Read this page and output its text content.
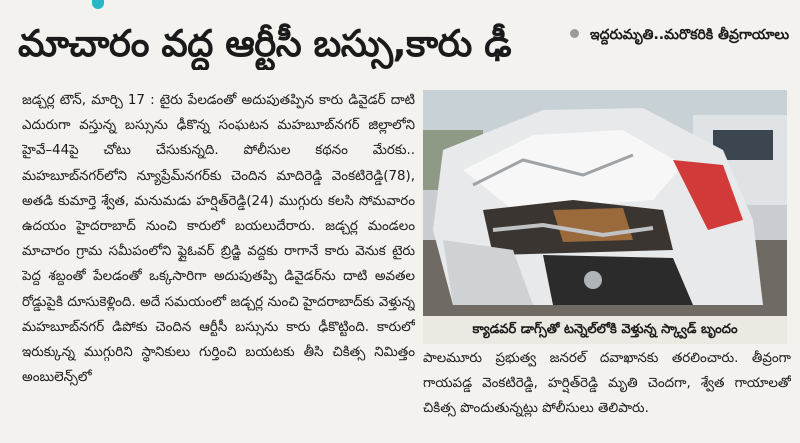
మాచారం వద్ద ఆర్టీసీ బస్సు,కారు ఢీ	ఇద్దరుమృతి..మరొకరికి తీవ్రగాయాలు
జడ్చర్ల టౌన్, మార్చి 17 : టైరు పేలడంతో అదుపుతప్పిన కారు డివైడర్ దాటి ఎదురుగా వస్తున్న బస్సును ఢీకొన్న సంఘటన మహబూబ్‌నగర్ జిల్లాలోని హైవే–44పై చోటు చేసుకున్నది. పోలీసుల కథనం మేరకు.. మహబూబ్‌నగర్‌లోని న్యూప్రేమ్‌నగర్‌కు చెందిన మాదిరెడ్డి వెంకటిరెడ్డి(78), అతడి కుమార్తె శ్వేత, మనుమడు హర్షిత్‌రెడ్డి(24) ముగ్గురు కలసి సోమవారం ఉదయం హైదరాబాద్ నుంచి కారులో బయలుదేరారు. జడ్చర్ల మండలం మాచారం గ్రామ సమీపంలోని ఫ్లైఓవర్ బ్రిడ్జి వద్దకు రాగానే కారు వెనుక టైరు పెద్ద శబ్దంతో పేలడంతో ఒక్కసారిగా అదుపుతప్పి డివైడర్‌ను దాటి అవతల రోడ్డుపైకి దూసుకెళ్లింది. అదే సమయంలో జడ్చర్ల నుంచి హైదరాబాద్‌కు వెళ్తున్న మహబూబ్‌నగర్ డిపోకు చెందిన ఆర్టీసీ బస్సును కారు ఢీకొట్టింది. కారులో ఇరుక్కున్న ముగ్గురిని స్థానికులు గుర్తించి బయటకు తీసి చికిత్స నిమిత్తం అంబులెన్స్‌లో
క్యాడవర్ డాగ్స్‌తో టన్నెల్‌లోకి వెళ్తున్న స్క్వాడ్ బృందం
పాలమూరు ప్రభుత్వ జనరల్ దవాఖానకు తరలించారు. తీవ్రంగా గాయపడ్డ వెంకటిరెడ్డి, హర్షిత్‌రెడ్డి మృతి చెందగా, శ్వేత గాయాలతో చికిత్స పొందుతున్నట్లు పోలీసులు తెలిపారు.
